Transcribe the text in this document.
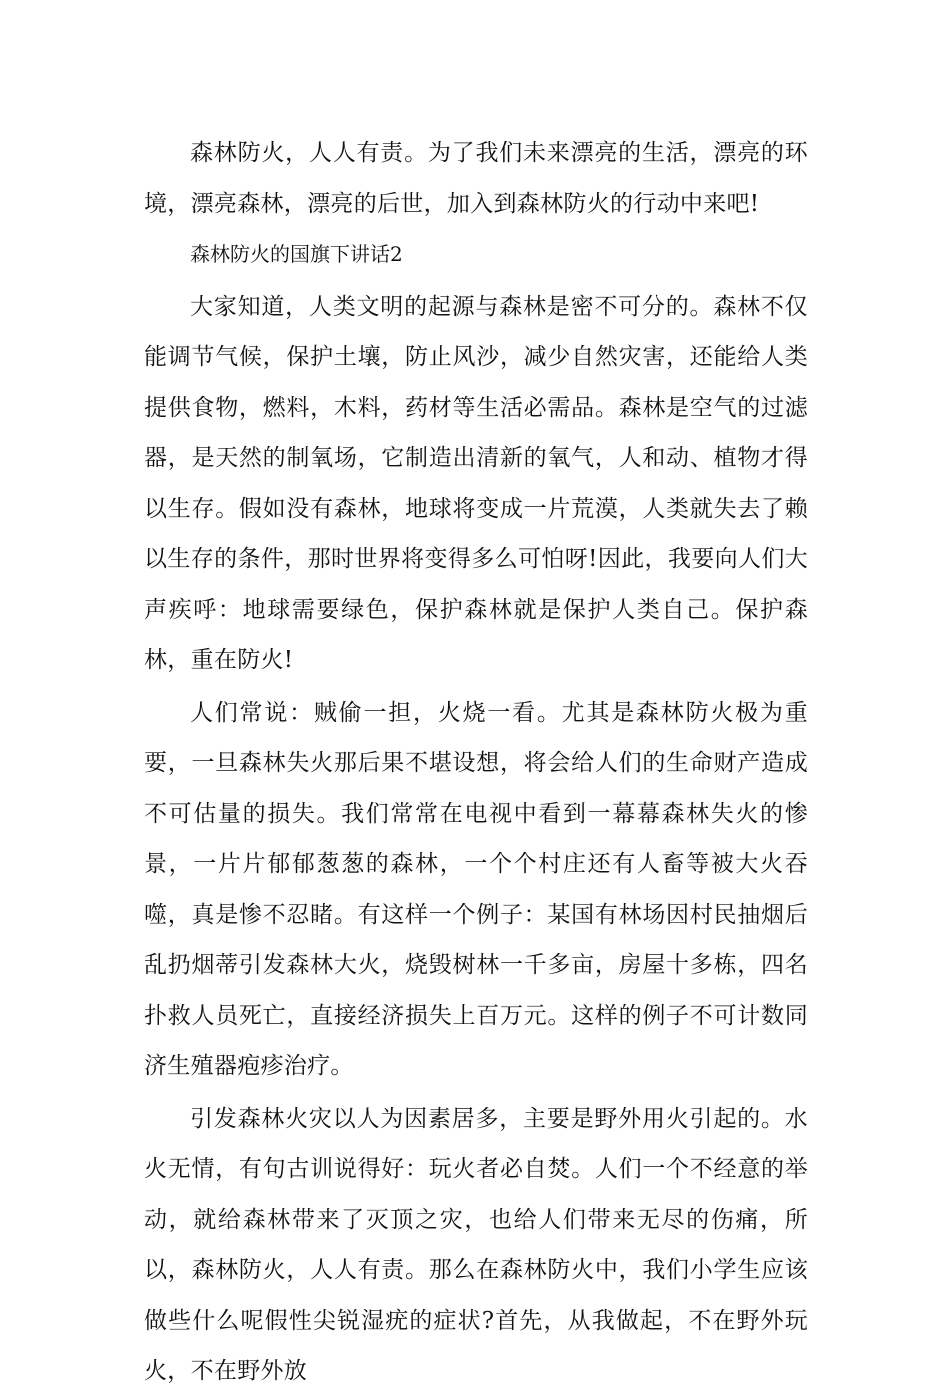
森林防火，人人有责。为了我们未来漂亮的生活，漂亮的环境，漂亮森林，漂亮的后世，加入到森林防火的行动中来吧!

森林防火的国旗下讲话2

大家知道，人类文明的起源与森林是密不可分的。森林不仅能调节气候，保护土壤，防止风沙，减少自然灾害，还能给人类提供食物，燃料，木料，药材等生活必需品。森林是空气的过滤器，是天然的制氧场，它制造出清新的氧气，人和动、植物才得以生存。假如没有森林，地球将变成一片荒漠，人类就失去了赖以生存的条件，那时世界将变得多么可怕呀!因此，我要向人们大声疾呼：地球需要绿色，保护森林就是保护人类自己。保护森林，重在防火!

人们常说：贼偷一担，火烧一看。尤其是森林防火极为重要，一旦森林失火那后果不堪设想，将会给人们的生命财产造成不可估量的损失。我们常常在电视中看到一幕幕森林失火的惨景，一片片郁郁葱葱的森林，一个个村庄还有人畜等被大火吞噬，真是惨不忍睹。有这样一个例子：某国有林场因村民抽烟后乱扔烟蒂引发森林大火，烧毁树林一千多亩，房屋十多栋，四名扑救人员死亡，直接经济损失上百万元。这样的例子不可计数同济生殖器疱疹治疗。

引发森林火灾以人为因素居多，主要是野外用火引起的。水火无情，有句古训说得好：玩火者必自焚。人们一个不经意的举动，就给森林带来了灭顶之灾，也给人们带来无尽的伤痛，所以，森林防火，人人有责。那么在森林防火中，我们小学生应该做些什么呢假性尖锐湿疣的症状?首先，从我做起，不在野外玩火，不在野外放
